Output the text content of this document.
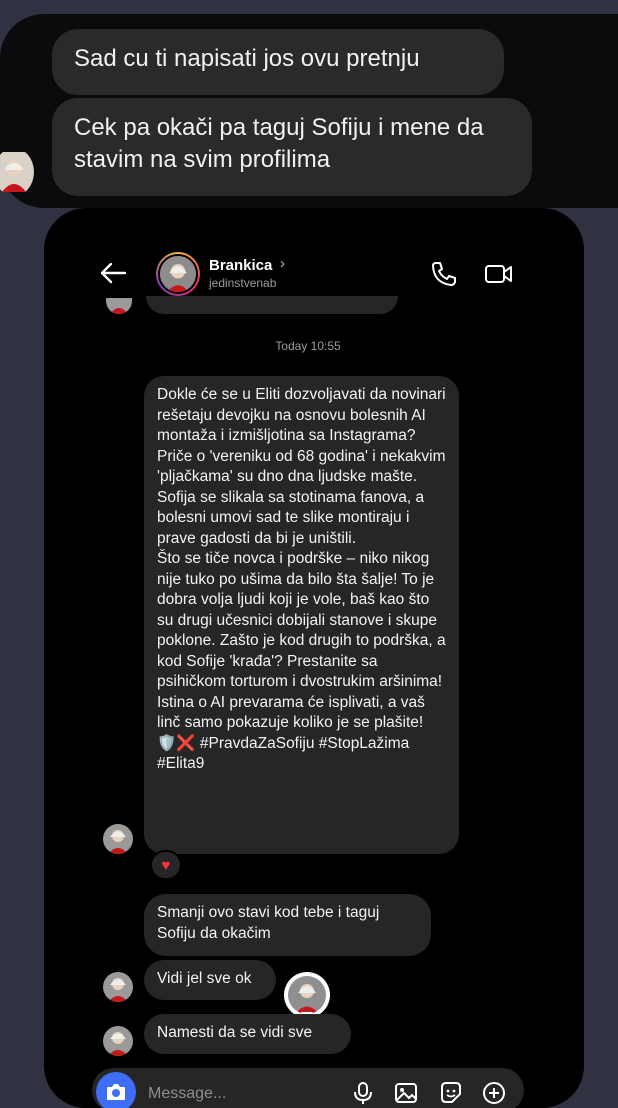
Sad cu ti napisati jos ovu pretnju
Cek pa okači pa taguj Sofiju i mene da stavim na svim profilima
Brankica ›
jedinstvenab
Today 10:55
Dokle će se u Eliti dozvoljavati da novinari rešetaju devojku na osnovu bolesnih AI montaža i izmišljotina sa Instagrama? Priče o 'vereniku od 68 godina' i nekakvim 'pljačkama' su dno dna ljudske mašte. Sofija se slikala sa stotinama fanova, a bolesni umovi sad te slike montiraju i prave gadosti da bi je uništili.
Što se tiče novca i podrške – niko nikog nije tuko po ušima da bilo šta šalje! To je dobra volja ljudi koji je vole, baš kao što su drugi učesnici dobijali stanove i skupe poklone. Zašto je kod drugih to podrška, a kod Sofije 'krađa'? Prestanite sa psihičkom torturom i dvostrukim aršinima! Istina o AI prevarama će isplivati, a vaš linč samo pokazuje koliko je se plašite! 🛡️❌ #PravdaZaSofiju #StopLažima #Elita9
♥
Smanji ovo stavi kod tebe i taguj Sofiju da okačim
Vidi jel sve ok
Namesti da se vidi sve
Message...
